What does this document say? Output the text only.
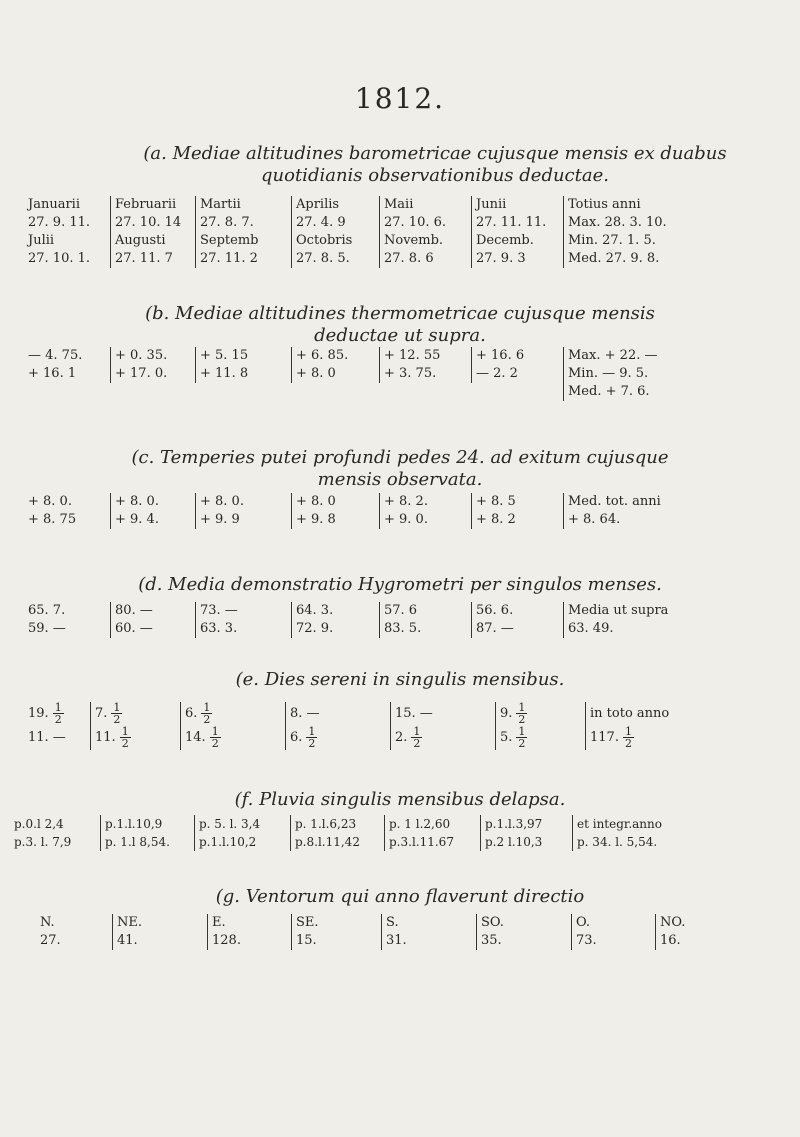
1812.
(a. Mediae altitudines barometricae cujusque mensis ex duabus
quotidianis observationibus deductae.
Januarii	Februarii	Martii	Aprilis	Maii	Junii	Totius anni
27. 9. 11.	27. 10. 14	27. 8. 7.	27. 4. 9	27. 10. 6.	27. 11. 11.	Max. 28. 3. 10.
Julii	Augusti	Septemb	Octobris	Novemb.	Decemb.	Min. 27. 1. 5.
27. 10. 1.	27. 11. 7	27. 11. 2	27. 8. 5.	27. 8. 6	27. 9. 3	Med. 27. 9. 8.
(b. Mediae altitudines thermometricae cujusque mensis
deductae ut supra.
— 4. 75.	+ 0. 35.	+ 5. 15	+ 6. 85.	+ 12. 55	+ 16. 6	Max. + 22. —
+ 16. 1	+ 17. 0.	+ 11. 8	+ 8. 0	+ 3. 75.	— 2. 2	Min. — 9. 5.
Med. + 7. 6.
(c. Temperies putei profundi pedes 24. ad exitum cujusque
mensis observata.
+ 8. 0.	+ 8. 0.	+ 8. 0.	+ 8. 0	+ 8. 2.	+ 8. 5	Med. tot. anni
+ 8. 75	+ 9. 4.	+ 9. 9	+ 9. 8	+ 9. 0.	+ 8. 2	+ 8. 64.
(d. Media demonstratio Hygrometri per singulos menses.
65. 7.	80. —	73. —	64. 3.	57. 6	56. 6.	Media ut supra
59. —	60. —	63. 3.	72. 9.	83. 5.	87. —	63. 49.
(e. Dies sereni in singulis mensibus.
19. $\frac{1}{2}$	7. $\frac{1}{2}$	6. $\frac{1}{2}$	8. —	15. —	9. $\frac{1}{2}$	in toto anno
11. —	11. $\frac{1}{2}$	14. $\frac{1}{2}$	6. $\frac{1}{2}$	2. $\frac{1}{2}$	5. $\frac{1}{2}$	117. $\frac{1}{2}$
(f. Pluvia singulis mensibus delapsa.
p.0.l 2,4	p.1.l.10,9	p. 5. l. 3,4	p. 1.l.6,23	p. 1 l.2,60	p.1.l.3,97	et integr.anno
p.3. l. 7,9	p. 1.l 8,54.	p.1.l.10,2	p.8.l.11,42	p.3.l.11.67	p.2 l.10,3	p. 34. l. 5,54.
(g. Ventorum qui anno flaverunt directio
N.	NE.	E.	SE.	S.	SO.	O.	NO.
27.	41.	128.	15.	31.	35.	73.	16.
